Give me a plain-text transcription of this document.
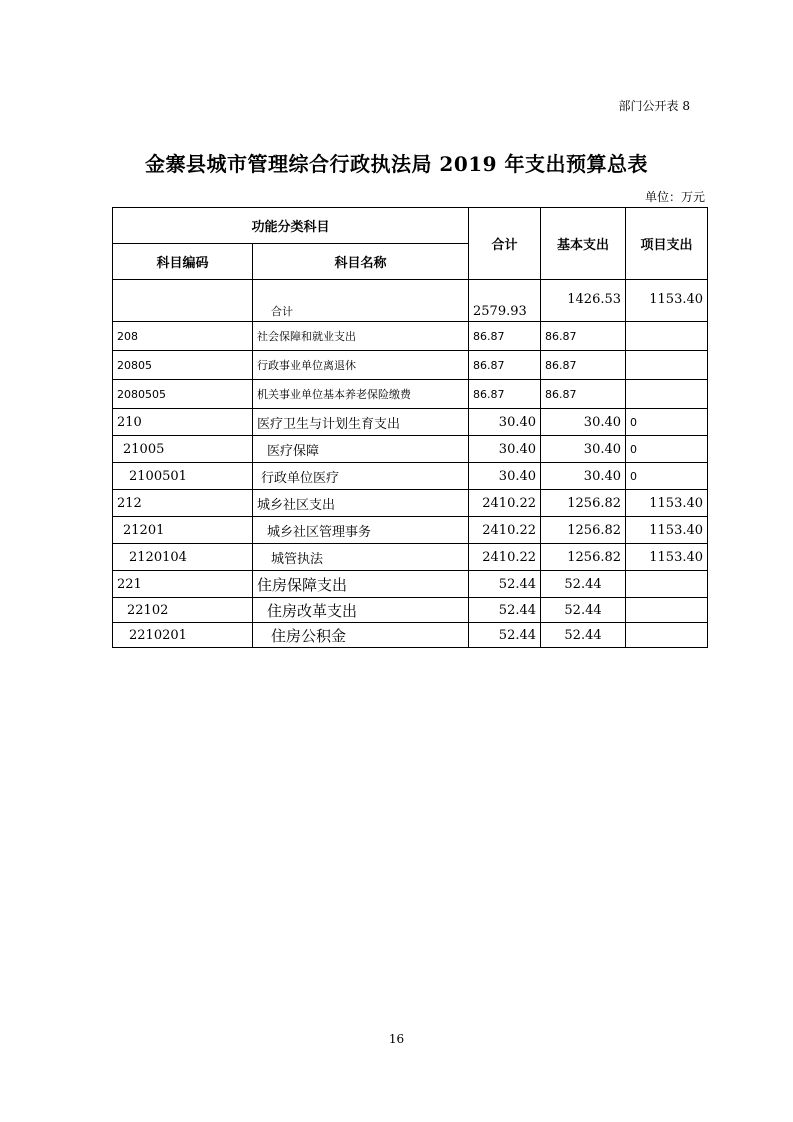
部门公开表 8
金寨县城市管理综合行政执法局 2019 年支出预算总表
单位：万元
功能分类科目		合计	基本支出	项目支出
科目编码	科目名称			
	合计	2579.93	1426.53	1153.40
208	社会保障和就业支出	86.87	86.87	
20805	行政事业单位离退休	86.87	86.87	
2080505	机关事业单位基本养老保险缴费	86.87	86.87	
210	医疗卫生与计划生育支出	30.40	30.40	0
21005	医疗保障	30.40	30.40	0
2100501	行政单位医疗	30.40	30.40	0
212	城乡社区支出	2410.22	1256.82	1153.40
21201	城乡社区管理事务	2410.22	1256.82	1153.40
2120104	城管执法	2410.22	1256.82	1153.40
221	住房保障支出	52.44	52.44	
22102	住房改革支出	52.44	52.44	
2210201	住房公积金	52.44	52.44	
16
